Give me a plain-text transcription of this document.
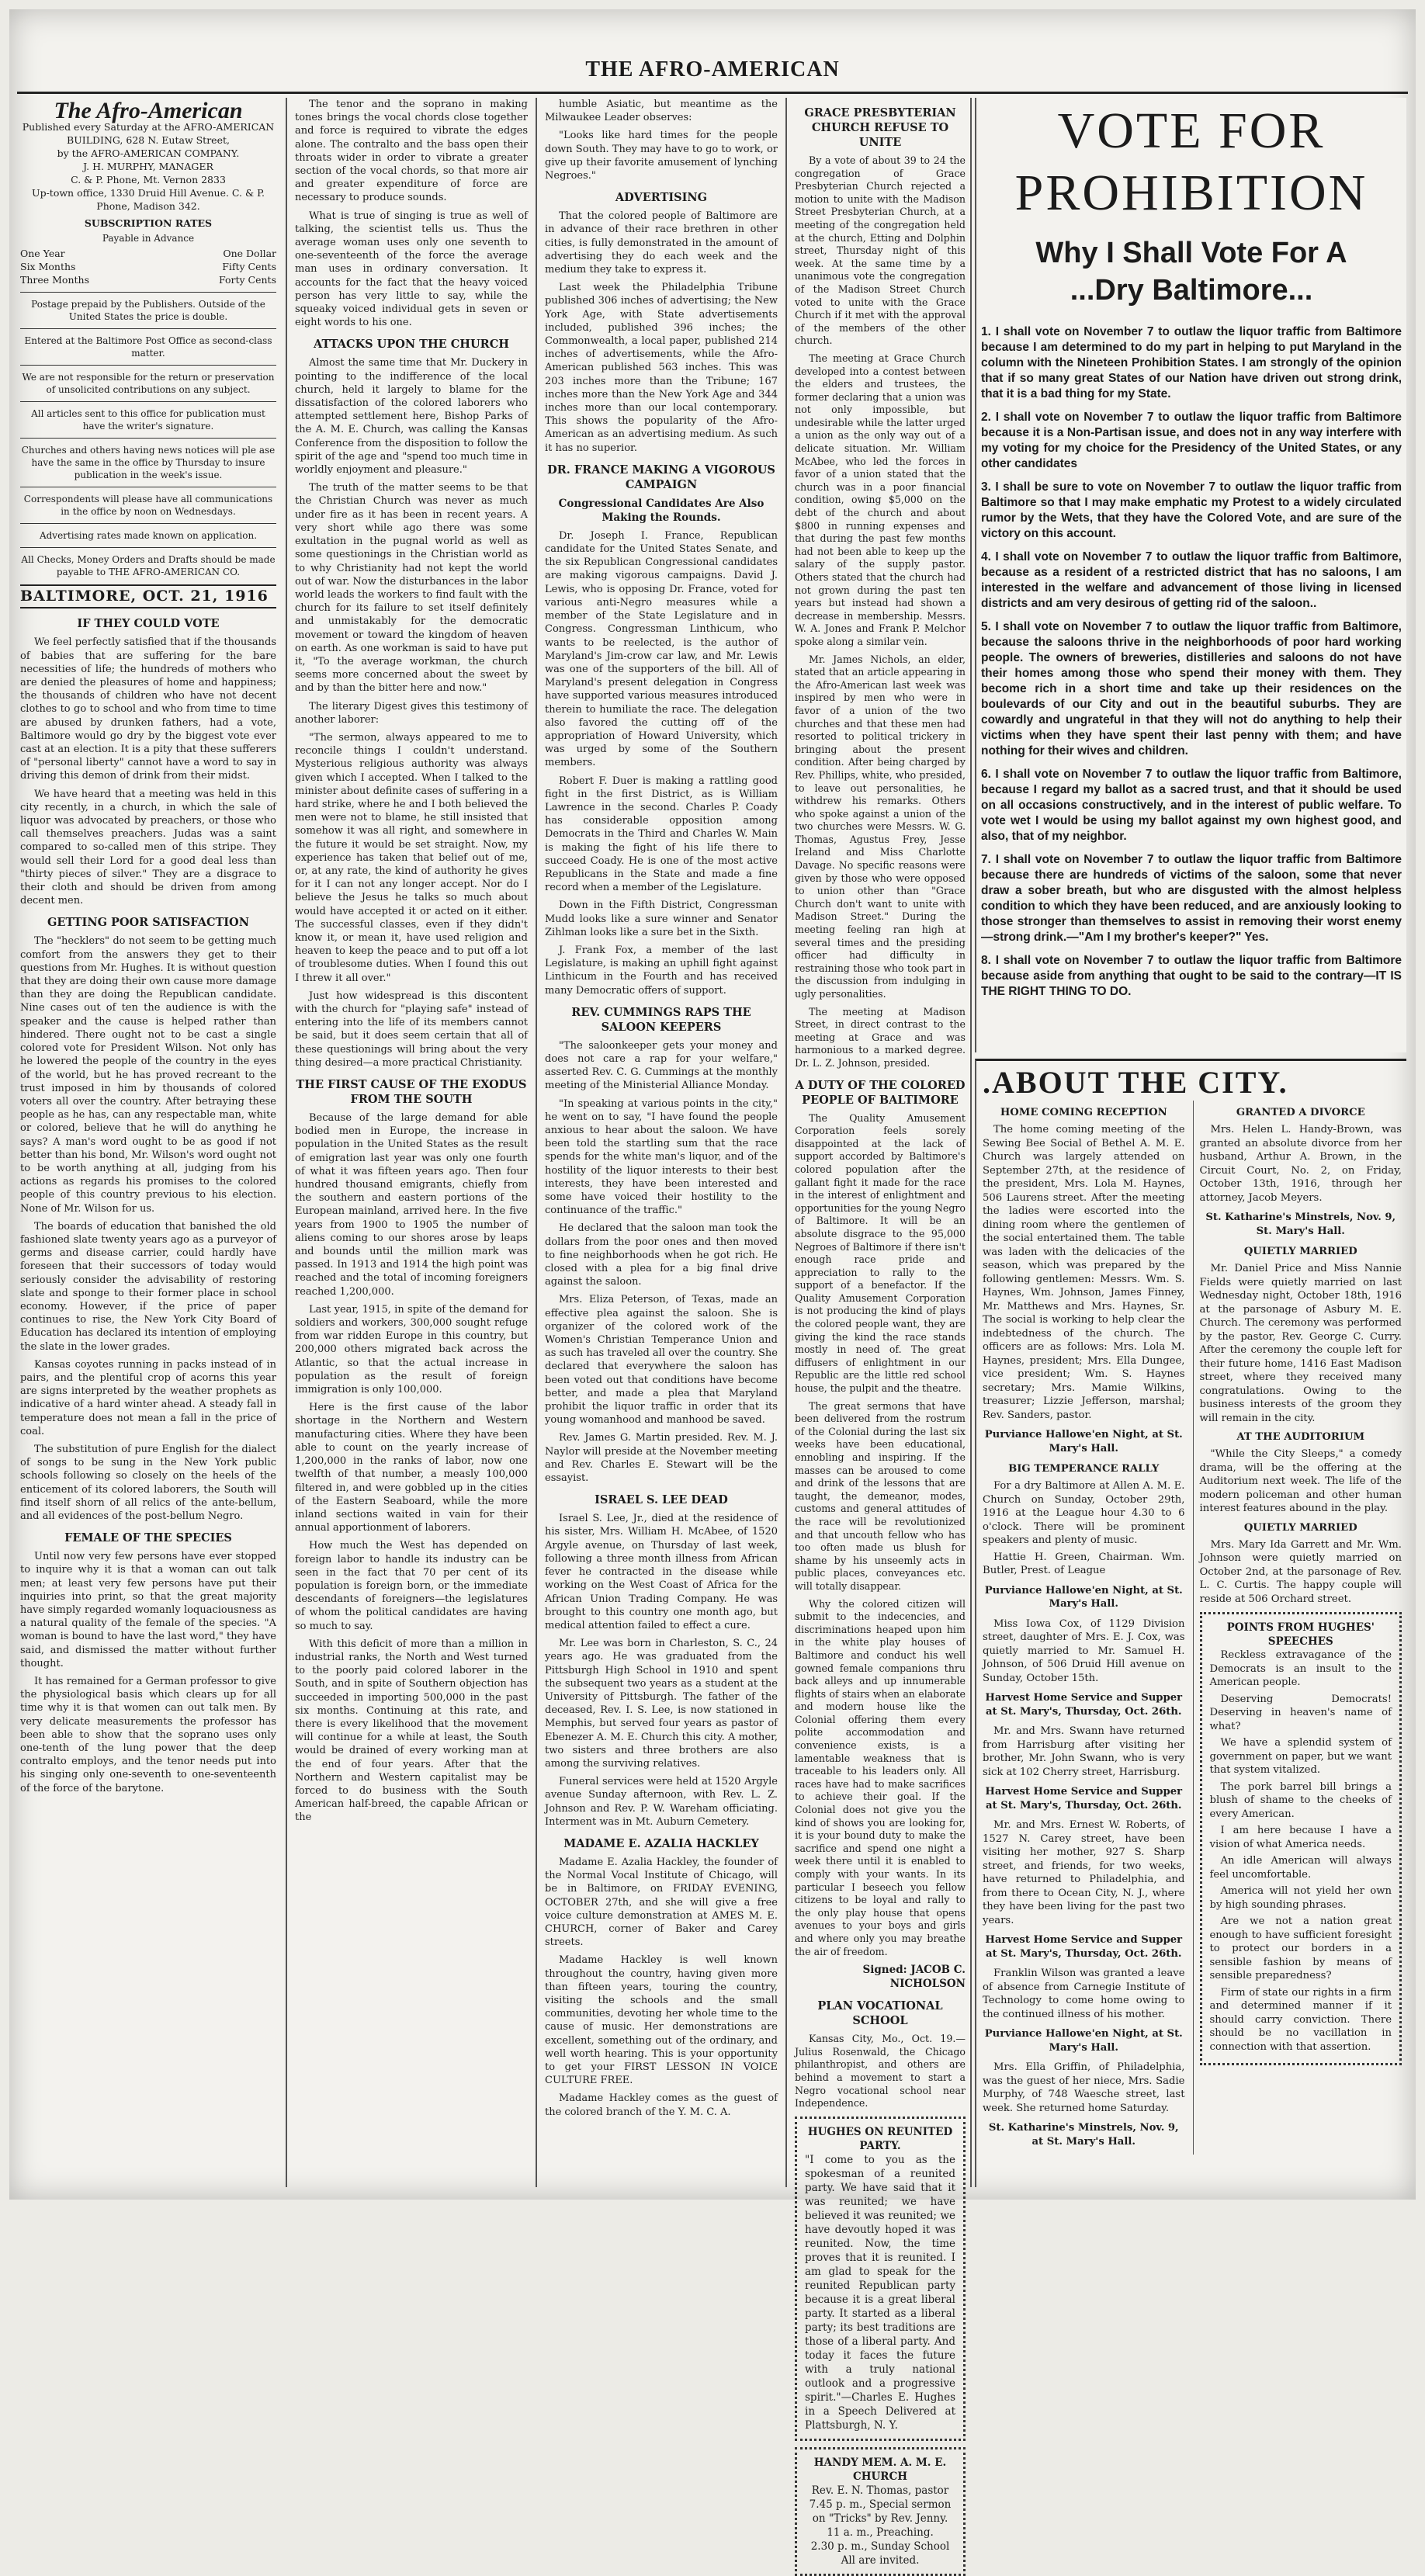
THE AFRO-AMERICAN
The Afro-American
Published every Saturday at the AFRO-AMERICAN BUILDING, 628 N. Eutaw Street,
by the AFRO-AMERICAN COMPANY.
J. H. MURPHY, MANAGER
C. & P. Phone, Mt. Vernon 2833
Up-town office, 1330 Druid Hill Avenue. C. & P. Phone, Madison 342.
SUBSCRIPTION RATES
Payable in Advance
One Year	One Dollar
Six Months	Fifty Cents
Three Months	Forty Cents
Postage prepaid by the Publishers. Outside of the United States the price is double.
Entered at the Baltimore Post Office as second-class matter.
We are not responsible for the return or preservation of unsolicited contributions on any subject.
All articles sent to this office for publication must have the writer's signature.
Churches and others having news notices will ple ase have the same in the office by Thursday to insure publication in the week's issue.
Correspondents will please have all communications in the office by noon on Wednesdays.
Advertising rates made known on application.
All Checks, Money Orders and Drafts should be made payable to THE AFRO-AMERICAN CO.
BALTIMORE, OCT. 21, 1916
IF THEY COULD VOTE

We feel perfectly satisfied that if the thousands of babies that are suffering for the bare necessities of life; the hundreds of mothers who are denied the pleasures of home and happiness; the thousands of children who have not decent clothes to go to school and who from time to time are abused by drunken fathers, had a vote, Baltimore would go dry by the biggest vote ever cast at an election. It is a pity that these sufferers of "personal liberty" cannot have a word to say in driving this demon of drink from their midst.

We have heard that a meeting was held in this city recently, in a church, in which the sale of liquor was advocated by preachers, or those who call themselves preachers. Judas was a saint compared to so-called men of this stripe. They would sell their Lord for a good deal less than "thirty pieces of silver." They are a disgrace to their cloth and should be driven from among decent men.

GETTING POOR SATISFACTION

The "hecklers" do not seem to be getting much comfort from the answers they get to their questions from Mr. Hughes. It is without question that they are doing their own cause more damage than they are doing the Republican candidate. Nine cases out of ten the audience is with the speaker and the cause is helped rather than hindered. There ought not to be cast a single colored vote for President Wilson. Not only has he lowered the people of the country in the eyes of the world, but he has proved recreant to the trust imposed in him by thousands of colored voters all over the country. After betraying these people as he has, can any respectable man, white or colored, believe that he will do anything he says? A man's word ought to be as good if not better than his bond, Mr. Wilson's word ought not to be worth anything at all, judging from his actions as regards his promises to the colored people of this country previous to his election. None of Mr. Wilson for us.

The boards of education that banished the old fashioned slate twenty years ago as a purveyor of germs and disease carrier, could hardly have foreseen that their successors of today would seriously consider the advisability of restoring slate and sponge to their former place in school economy. However, if the price of paper continues to rise, the New York City Board of Education has declared its intention of employing the slate in the lower grades.

Kansas coyotes running in packs instead of in pairs, and the plentiful crop of acorns this year are signs interpreted by the weather prophets as indicative of a hard winter ahead. A steady fall in temperature does not mean a fall in the price of coal.

The substitution of pure English for the dialect of songs to be sung in the New York public schools following so closely on the heels of the enticement of its colored laborers, the South will find itself shorn of all relics of the ante-bellum, and all evidences of the post-bellum Negro.

FEMALE OF THE SPECIES

Until now very few persons have ever stopped to inquire why it is that a woman can out talk men; at least very few persons have put their inquiries into print, so that the great majority have simply regarded womanly loquaciousness as a natural quality of the female of the species. "A woman is bound to have the last word," they have said, and dismissed the matter without further thought.

It has remained for a German professor to give the physiological basis which clears up for all time why it is that women can out talk men. By very delicate measurements the professor has been able to show that the soprano uses only one-tenth of the lung power that the deep contralto employs, and the tenor needs put into his singing only one-seventh to one-seventeenth of the force of the barytone.

The tenor and the soprano in making tones brings the vocal chords close together and force is required to vibrate the edges alone. The contralto and the bass open their throats wider in order to vibrate a greater section of the vocal chords, so that more air and greater expenditure of force are necessary to produce sounds.

What is true of singing is true as well of talking, the scientist tells us. Thus the average woman uses only one seventh to one-seventeenth of the force the average man uses in ordinary conversation. It accounts for the fact that the heavy voiced person has very little to say, while the squeaky voiced individual gets in seven or eight words to his one.

ATTACKS UPON THE CHURCH

Almost the same time that Mr. Duckery in pointing to the indifference of the local church, held it largely to blame for the dissatisfaction of the colored laborers who attempted settlement here, Bishop Parks of the A. M. E. Church, was calling the Kansas Conference from the disposition to follow the spirit of the age and "spend too much time in worldly enjoyment and pleasure."

The truth of the matter seems to be that the Christian Church was never as much under fire as it has been in recent years. A very short while ago there was some exultation in the pugnal world as well as some questionings in the Christian world as to why Christianity had not kept the world out of war. Now the disturbances in the labor world leads the workers to find fault with the church for its failure to set itself definitely and unmistakably for the democratic movement or toward the kingdom of heaven on earth. As one workman is said to have put it, "To the average workman, the church seems more concerned about the sweet by and by than the bitter here and now."

The literary Digest gives this testimony of another laborer:

"The sermon, always appeared to me to reconcile things I couldn't understand. Mysterious religious authority was always given which I accepted. When I talked to the minister about definite cases of suffering in a hard strike, where he and I both believed the men were not to blame, he still insisted that somehow it was all right, and somewhere in the future it would be set straight. Now, my experience has taken that belief out of me, or, at any rate, the kind of authority he gives for it I can not any longer accept. Nor do I believe the Jesus he talks so much about would have accepted it or acted on it either. The successful classes, even if they didn't know it, or mean it, have used religion and heaven to keep the peace and to put off a lot of troublesome duties. When I found this out I threw it all over."

Just how widespread is this discontent with the church for "playing safe" instead of entering into the life of its members cannot be said, but it does seem certain that all of these questionings will bring about the very thing desired—a more practical Christianity.

THE FIRST CAUSE OF THE EXODUS FROM THE SOUTH

Because of the large demand for able bodied men in Europe, the increase in population in the United States as the result of emigration last year was only one fourth of what it was fifteen years ago. Then four hundred thousand emigrants, chiefly from the southern and eastern portions of the European mainland, arrived here. In the five years from 1900 to 1905 the number of aliens coming to our shores arose by leaps and bounds until the million mark was passed. In 1913 and 1914 the high point was reached and the total of incoming foreigners reached 1,200,000.

Last year, 1915, in spite of the demand for soldiers and workers, 300,000 sought refuge from war ridden Europe in this country, but 200,000 others migrated back across the Atlantic, so that the actual increase in population as the result of foreign immigration is only 100,000.

Here is the first cause of the labor shortage in the Northern and Western manufacturing cities. Where they have been able to count on the yearly increase of 1,200,000 in the ranks of labor, now one twelfth of that number, a measly 100,000 filtered in, and were gobbled up in the cities of the Eastern Seaboard, while the more inland sections waited in vain for their annual apportionment of laborers.

How much the West has depended on foreign labor to handle its industry can be seen in the fact that 70 per cent of its population is foreign born, or the immediate descendants of foreigners—the legislatures of whom the political candidates are having so much to say.

With this deficit of more than a million in industrial ranks, the North and West turned to the poorly paid colored laborer in the South, and in spite of Southern objection has succeeded in importing 500,000 in the past six months. Continuing at this rate, and there is every likelihood that the movement will continue for a while at least, the South would be drained of every working man at the end of four years. After that the Northern and Western capitalist may be forced to do business with the South American half-breed, the capable African or the

humble Asiatic, but meantime as the Milwaukee Leader observes:

"Looks like hard times for the people down South. They may have to go to work, or give up their favorite amusement of lynching Negroes."

ADVERTISING

That the colored people of Baltimore are in advance of their race brethren in other cities, is fully demonstrated in the amount of advertising they do each week and the medium they take to express it.

Last week the Philadelphia Tribune published 306 inches of advertising; the New York Age, with State advertisements included, published 396 inches; the Commonwealth, a local paper, published 214 inches of advertisements, while the Afro-American published 563 inches. This was 203 inches more than the Tribune; 167 inches more than the New York Age and 344 inches more than our local contemporary. This shows the popularity of the Afro-American as an advertising medium. As such it has no superior.

DR. FRANCE MAKING A VIGOROUS CAMPAIGN
Congressional Candidates Are Also Making the Rounds.

Dr. Joseph I. France, Republican candidate for the United States Senate, and the six Republican Congressional candidates are making vigorous campaigns. David J. Lewis, who is opposing Dr. France, voted for various anti-Negro measures while a member of the State Legislature and in Congress. Congressman Linthicum, who wants to be reelected, is the author of Maryland's Jim-crow car law, and Mr. Lewis was one of the supporters of the bill. All of Maryland's present delegation in Congress have supported various measures introduced therein to humiliate the race. The delegation also favored the cutting off of the appropriation of Howard University, which was urged by some of the Southern members.

Robert F. Duer is making a rattling good fight in the first District, as is William Lawrence in the second. Charles P. Coady has considerable opposition among Democrats in the Third and Charles W. Main is making the fight of his life there to succeed Coady. He is one of the most active Republicans in the State and made a fine record when a member of the Legislature.

Down in the Fifth District, Congressman Mudd looks like a sure winner and Senator Zihlman looks like a sure bet in the Sixth.

J. Frank Fox, a member of the last Legislature, is making an uphill fight against Linthicum in the Fourth and has received many Democratic offers of support.

REV. CUMMINGS RAPS THE SALOON KEEPERS

"The saloonkeeper gets your money and does not care a rap for your welfare," asserted Rev. C. G. Cummings at the monthly meeting of the Ministerial Alliance Monday.

"In speaking at various points in the city," he went on to say, "I have found the people anxious to hear about the saloon. We have been told the startling sum that the race spends for the white man's liquor, and of the hostility of the liquor interests to their best interests, they have been interested and some have voiced their hostility to the continuance of the traffic."

He declared that the saloon man took the dollars from the poor ones and then moved to fine neighborhoods when he got rich. He closed with a plea for a big final drive against the saloon.

Mrs. Eliza Peterson, of Texas, made an effective plea against the saloon. She is organizer of the colored work of the Women's Christian Temperance Union and as such has traveled all over the country. She declared that everywhere the saloon has been voted out that conditions have become better, and made a plea that Maryland prohibit the liquor traffic in order that its young womanhood and manhood be saved.

Rev. James G. Martin presided. Rev. M. J. Naylor will preside at the November meeting and Rev. Charles E. Stewart will be the essayist.

ISRAEL S. LEE DEAD

Israel S. Lee, Jr., died at the residence of his sister, Mrs. William H. McAbee, of 1520 Argyle avenue, on Thursday of last week, following a three month illness from African fever he contracted in the disease while working on the West Coast of Africa for the African Union Trading Company. He was brought to this country one month ago, but medical attention failed to effect a cure.

Mr. Lee was born in Charleston, S. C., 24 years ago. He was graduated from the Pittsburgh High School in 1910 and spent the subsequent two years as a student at the University of Pittsburgh. The father of the deceased, Rev. I. S. Lee, is now stationed in Memphis, but served four years as pastor of Ebenezer A. M. E. Church this city. A mother, two sisters and three brothers are also among the surviving relatives.

Funeral services were held at 1520 Argyle avenue Sunday afternoon, with Rev. L. Z. Johnson and Rev. P. W. Wareham officiating. Interment was in Mt. Auburn Cemetery.

MADAME E. AZALIA HACKLEY

Madame E. Azalia Hackley, the founder of the Normal Vocal Institute of Chicago, will be in Baltimore, on FRIDAY EVENING, OCTOBER 27th, and she will give a free voice culture demonstration at AMES M. E. CHURCH, corner of Baker and Carey streets.

Madame Hackley is well known throughout the country, having given more than fifteen years, touring the country, visiting the schools and the small communities, devoting her whole time to the cause of music. Her demonstrations are excellent, something out of the ordinary, and well worth hearing. This is your opportunity to get your FIRST LESSON IN VOICE CULTURE FREE.

Madame Hackley comes as the guest of the colored branch of the Y. M. C. A.

GRACE PRESBYTERIAN CHURCH REFUSE TO UNITE

By a vote of about 39 to 24 the congregation of Grace Presbyterian Church rejected a motion to unite with the Madison Street Presbyterian Church, at a meeting of the congregation held at the church, Etting and Dolphin street, Thursday night of this week. At the same time by a unanimous vote the congregation of the Madison Street Church voted to unite with the Grace Church if it met with the approval of the members of the other church.

The meeting at Grace Church developed into a contest between the elders and trustees, the former declaring that a union was not only impossible, but undesirable while the latter urged a union as the only way out of a delicate situation. Mr. William McAbee, who led the forces in favor of a union stated that the church was in a poor financial condition, owing $5,000 on the debt of the church and about $800 in running expenses and that during the past few months had not been able to keep up the salary of the supply pastor. Others stated that the church had not grown during the past ten years but instead had shown a decrease in membership. Messrs. W. A. Jones and Frank P. Melchor spoke along a similar vein.

Mr. James Nichols, an elder, stated that an article appearing in the Afro-American last week was inspired by men who were in favor of a union of the two churches and that these men had resorted to political trickery in bringing about the present condition. After being charged by Rev. Phillips, white, who presided, to leave out personalities, he withdrew his remarks. Others who spoke against a union of the two churches were Messrs. W. G. Thomas, Agustus Frey, Jesse Ireland and Miss Charlotte Davage. No specific reasons were given by those who were opposed to union other than "Grace Church don't want to unite with Madison Street." During the meeting feeling ran high at several times and the presiding officer had difficulty in restraining those who took part in the discussion from indulging in ugly personalities.

The meeting at Madison Street, in direct contrast to the meeting at Grace and was harmonious to a marked degree. Dr. L. Z. Johnson, presided.

A DUTY OF THE COLORED PEOPLE OF BALTIMORE

The Quality Amusement Corporation feels sorely disappointed at the lack of support accorded by Baltimore's colored population after the gallant fight it made for the race in the interest of enlightment and opportunities for the young Negro of Baltimore. It will be an absolute disgrace to the 95,000 Negroes of Baltimore if there isn't enough race pride and appreciation to rally to the support of a benefactor. If the Quality Amusement Corporation is not producing the kind of plays the colored people want, they are giving the kind the race stands mostly in need of. The great diffusers of enlightment in our Republic are the little red school house, the pulpit and the theatre.

The great sermons that have been delivered from the rostrum of the Colonial during the last six weeks have been educational, ennobling and inspiring. If the masses can be aroused to come and drink of the lessons that are taught, the demeanor, modes, customs and general attitudes of the race will be revolutionized and that uncouth fellow who has too often made us blush for shame by his unseemly acts in public places, conveyances etc. will totally disappear.

Why the colored citizen will submit to the indecencies, and discriminations heaped upon him in the white play houses of Baltimore and conduct his well gowned female companions thru back alleys and up innumerable flights of stairs when an elaborate and modern house like the Colonial offering them every polite accommodation and convenience exists, is a lamentable weakness that is traceable to his leaders only. All races have had to make sacrifices to achieve their goal. If the Colonial does not give you the kind of shows you are looking for, it is your bound duty to make the sacrifice and spend one night a week there until it is enabled to comply with your wants. In its particular I beseech you fellow citizens to be loyal and rally to the only play house that opens avenues to your boys and girls and where only you may breathe the air of freedom.

Signed: JACOB C. NICHOLSON
PLAN VOCATIONAL SCHOOL

Kansas City, Mo., Oct. 19.—Julius Rosenwald, the Chicago philanthropist, and others are behind a movement to start a Negro vocational school near Independence.

HUGHES ON REUNITED PARTY.
"I come to you as the spokesman of a reunited party. We have said that it was reunited; we have believed it was reunited; we have devoutly hoped it was reunited. Now, the time proves that it is reunited. I am glad to speak for the reunited Republican party because it is a great liberal party. It started as a liberal party; its best traditions are those of a liberal party. And today it faces the future with a truly national outlook and a progressive spirit."—Charles E. Hughes in a Speech Delivered at Plattsburgh, N. Y.
HANDY MEM. A. M. E. CHURCH
Rev. E. N. Thomas, pastor
7.45 p. m., Special sermon on "Tricks" by Rev. Jenny.
11 a. m., Preaching.
2.30 p. m., Sunday School
All are invited.
VOTE FOR
PROHIBITION
Why I Shall Vote For A
...Dry Baltimore...
1. I shall vote on November 7 to outlaw the liquor traffic from Baltimore because I am determined to do my part in helping to put Maryland in the column with the Nineteen Prohibition States. I am strongly of the opinion that if so many great States of our Nation have driven out strong drink, that it is a bad thing for my State.
2. I shall vote on November 7 to outlaw the liquor traffic from Baltimore because it is a Non-Partisan issue, and does not in any way interfere with my voting for my choice for the Presidency of the United States, or any other candidates
3. I shall be sure to vote on November 7 to outlaw the liquor traffic from Baltimore so that I may make emphatic my Protest to a widely circulated rumor by the Wets, that they have the Colored Vote, and are sure of the victory on this account.
4. I shall vote on November 7 to outlaw the liquor traffic from Baltimore, because as a resident of a restricted district that has no saloons, I am interested in the welfare and advancement of those living in licensed districts and am very desirous of getting rid of the saloon..
5. I shall vote on November 7 to outlaw the liquor traffic from Baltimore, because the saloons thrive in the neighborhoods of poor hard working people. The owners of breweries, distilleries and saloons do not have their homes among those who spend their money with them. They become rich in a short time and take up their residences on the boulevards of our City and out in the beautiful suburbs. They are cowardly and ungrateful in that they will not do anything to help their victims when they have spent their last penny with them; and have nothing for their wives and children.
6. I shall vote on November 7 to outlaw the liquor traffic from Baltimore, because I regard my ballot as a sacred trust, and that it should be used on all occasions constructively, and in the interest of public welfare. To vote wet I would be using my ballot against my own highest good, and also, that of my neighbor.
7. I shall vote on November 7 to outlaw the liquor traffic from Baltimore because there are hundreds of victims of the saloon, some that never draw a sober breath, but who are disgusted with the almost helpless condition to which they have been reduced, and are anxiously looking to those stronger than themselves to assist in removing their worst enemy—strong drink.—"Am I my brother's keeper?" Yes.
8. I shall vote on November 7 to outlaw the liquor traffic from Baltimore because aside from anything that ought to be said to the contrary—IT IS THE RIGHT THING TO DO.
.ABOUT THE CITY.
HOME COMING RECEPTION

The home coming meeting of the Sewing Bee Social of Bethel A. M. E. Church was largely attended on September 27th, at the residence of the president, Mrs. Lola M. Haynes, 506 Laurens street. After the meeting the ladies were escorted into the dining room where the gentlemen of the social entertained them. The table was laden with the delicacies of the season, which was prepared by the following gentlemen: Messrs. Wm. S. Haynes, Wm. Johnson, James Finney, Mr. Matthews and Mrs. Haynes, Sr. The social is working to help clear the indebtedness of the church. The officers are as follows: Mrs. Lola M. Haynes, president; Mrs. Ella Dungee, vice president; Wm. S. Haynes secretary; Mrs. Mamie Wilkins, treasurer; Lizzie Jefferson, marshal; Rev. Sanders, pastor.

Purviance Hallowe'en Night, at St. Mary's Hall.
BIG TEMPERANCE RALLY

For a dry Baltimore at Allen A. M. E. Church on Sunday, October 29th, 1916 at the League hour 4.30 to 6 o'clock. There will be prominent speakers and plenty of music.

Hattie H. Green, Chairman. Wm. Butler, Prest. of League

Purviance Hallowe'en Night, at St. Mary's Hall.

Miss Iowa Cox, of 1129 Division street, daughter of Mrs. E. J. Cox, was quietly married to Mr. Samuel H. Johnson, of 506 Druid Hill avenue on Sunday, October 15th.

Harvest Home Service and Supper at St. Mary's, Thursday, Oct. 26th.

Mr. and Mrs. Swann have returned from Harrisburg after visiting her brother, Mr. John Swann, who is very sick at 102 Cherry street, Harrisburg.

Harvest Home Service and Supper at St. Mary's, Thursday, Oct. 26th.

Mr. and Mrs. Ernest W. Roberts, of 1527 N. Carey street, have been visiting her mother, 927 S. Sharp street, and friends, for two weeks, have returned to Philadelphia, and from there to Ocean City, N. J., where they have been living for the past two years.

Harvest Home Service and Supper at St. Mary's, Thursday, Oct. 26th.

Franklin Wilson was granted a leave of absence from Carnegie Institute of Technology to come home owing to the continued illness of his mother.

Purviance Hallowe'en Night, at St. Mary's Hall.

Mrs. Ella Griffin, of Philadelphia, was the guest of her niece, Mrs. Sadie Murphy, of 748 Waesche street, last week. She returned home Saturday.

St. Katharine's Minstrels, Nov. 9, at St. Mary's Hall.
GRANTED A DIVORCE

Mrs. Helen L. Handy-Brown, was granted an absolute divorce from her husband, Arthur A. Brown, in the Circuit Court, No. 2, on Friday, October 13th, 1916, through her attorney, Jacob Meyers.

St. Katharine's Minstrels, Nov. 9, St. Mary's Hall.
QUIETLY MARRIED

Mr. Daniel Price and Miss Nannie Fields were quietly married on last Wednesday night, October 18th, 1916 at the parsonage of Asbury M. E. Church. The ceremony was performed by the pastor, Rev. George C. Curry. After the ceremony the couple left for their future home, 1416 East Madison street, where they received many congratulations. Owing to the business interests of the groom they will remain in the city.

AT THE AUDITORIUM

"While the City Sleeps," a comedy drama, will be the offering at the Auditorium next week. The life of the modern policeman and other human interest features abound in the play.

QUIETLY MARRIED

Mrs. Mary Ida Garrett and Mr. Wm. Johnson were quietly married on October 2nd, at the parsonage of Rev. L. C. Curtis. The happy couple will reside at 506 Orchard street.

POINTS FROM HUGHES' SPEECHES

Reckless extravagance of the Democrats is an insult to the American people.

Deserving Democrats! Deserving in heaven's name of what?

We have a splendid system of government on paper, but we want that system vitalized.

The pork barrel bill brings a blush of shame to the cheeks of every American.

I am here because I have a vision of what America needs.

An idle American will always feel uncomfortable.

America will not yield her own by high sounding phrases.

Are we not a nation great enough to have sufficient foresight to protect our borders in a sensible fashion by means of sensible preparedness?

Firm of state our rights in a firm and determined manner if it should carry conviction. There should be no vacillation in connection with that assertion.
